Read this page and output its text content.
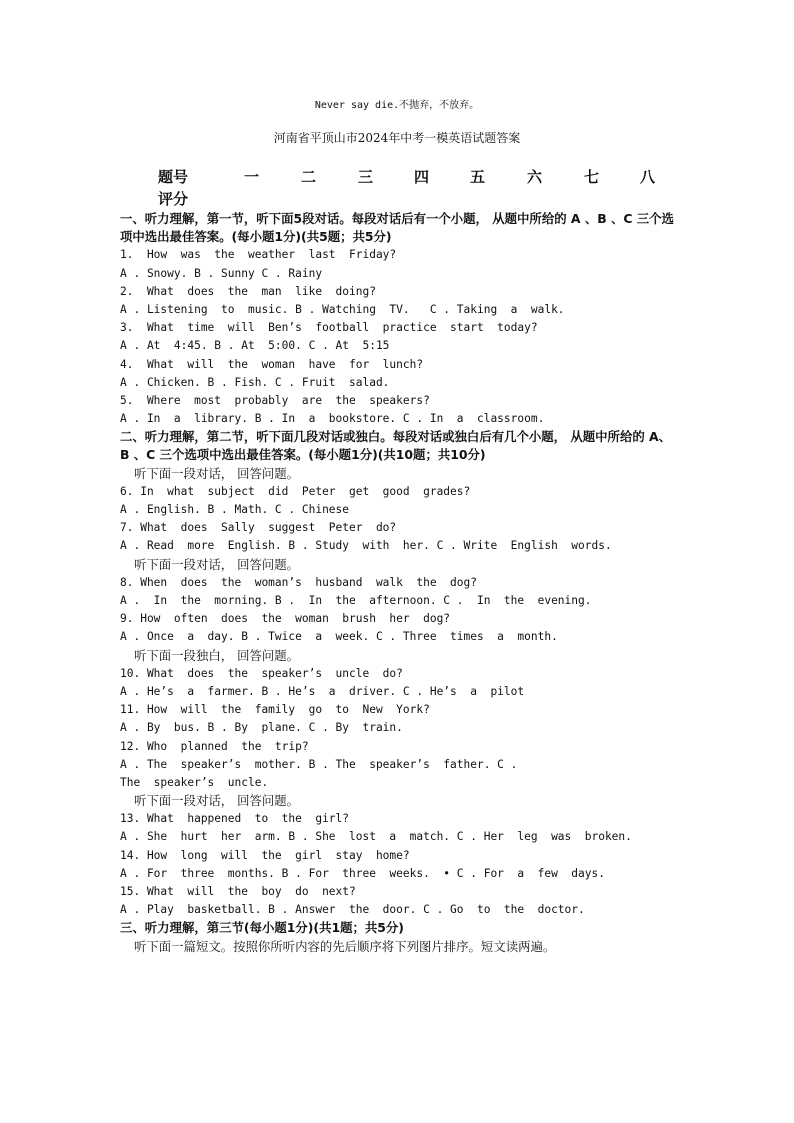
Never say die.不抛弃，不放弃。
河南省平顶山市2024年中考一模英语试题答案
题号	一	二	三	四	五	六	七	八
评分
一、听力理解，第一节，听下面5段对话。每段对话后有一个小题， 从题中所给的 A 、B 、C 三个选项中选出最佳答案。(每小题1分)(共5题；共5分)
1.  How  was  the  weather  last  Friday?
A . Snowy. B . Sunny C . Rainy
2.  What  does  the  man  like  doing?
A . Listening  to  music. B . Watching  TV.   C . Taking  a  walk.
3.  What  time  will  Ben’s  football  practice  start  today?
A . At  4:45. B . At  5:00. C . At  5:15
4.  What  will  the  woman  have  for  lunch?
A . Chicken. B . Fish. C . Fruit  salad.
5.  Where  most  probably  are  the  speakers?
A . In  a  library. B . In  a  bookstore. C . In  a  classroom.
二、听力理解，第二节，听下面几段对话或独白。每段对话或独白后有几个小题， 从题中所给的 A、B 、C 三个选项中选出最佳答案。(每小题1分)(共10题；共10分)
听下面一段对话， 回答问题。
6. In  what  subject  did  Peter  get  good  grades?
A . English. B . Math. C . Chinese
7. What  does  Sally  suggest  Peter  do?
A . Read  more  English. B . Study  with  her. C . Write  English  words.
听下面一段对话， 回答问题。
8. When  does  the  woman’s  husband  walk  the  dog?
A .  In  the  morning. B .  In  the  afternoon. C .  In  the  evening.
9. How  often  does  the  woman  brush  her  dog?
A . Once  a  day. B . Twice  a  week. C . Three  times  a  month.
听下面一段独白， 回答问题。
10. What  does  the  speaker’s  uncle  do?
A . He’s  a  farmer. B . He’s  a  driver. C . He’s  a  pilot
11. How  will  the  family  go  to  New  York?
A . By  bus. B . By  plane. C . By  train.
12. Who  planned  the  trip?
A . The  speaker’s  mother. B . The  speaker’s  father. C .
The  speaker’s  uncle.
听下面一段对话， 回答问题。
13. What  happened  to  the  girl?
A . She  hurt  her  arm. B . She  lost  a  match. C . Her  leg  was  broken.
14. How  long  will  the  girl  stay  home?
A . For  three  months. B . For  three  weeks.  • C . For  a  few  days.
15. What  will  the  boy  do  next?
A . Play  basketball. B . Answer  the  door. C . Go  to  the  doctor.
三、听力理解，第三节(每小题1分)(共1题；共5分)
听下面一篇短文。按照你所听内容的先后顺序将下列图片排序。短文读两遍。
